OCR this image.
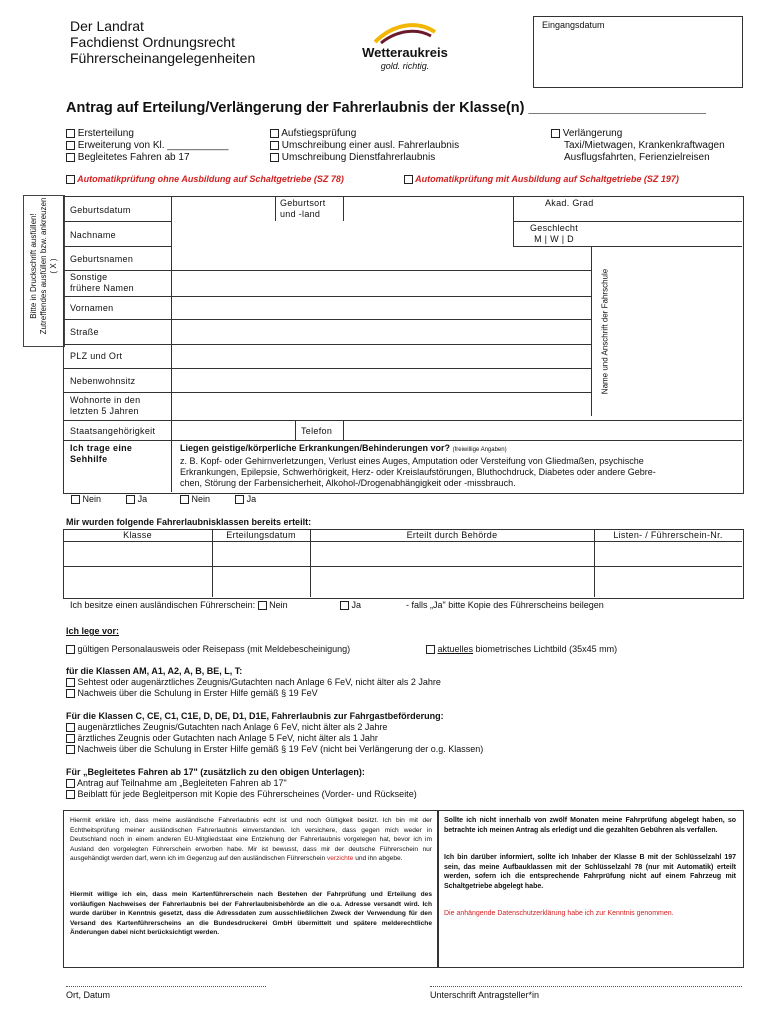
Der Landrat
Fachdienst Ordnungsrecht
Führerscheinangelegenheiten	Wetteraukreis
gold. richtig.
Eingangsdatum
Antrag auf Erteilung/Verlängerung der Fahrerlaubnis der Klasse(n) ______________________
Ersterteilung
Erweiterung von Kl. ___________
Begleitetes Fahren ab 17
Aufstiegsprüfung
Umschreibung einer ausl. Fahrerlaubnis
Umschreibung Dienstfahrerlaubnis
Verlängerung
Taxi/Mietwagen, Krankenkraftwagen
Ausflugsfahrten, Ferienzielreisen
Automatikprüfung ohne Ausbildung auf Schaltgetriebe (SZ 78)	Automatikprüfung mit Ausbildung auf Schaltgetriebe (SZ 197)
Bitte in Druckschrift ausfüllen! Zutreffendes ausfüllen bzw. ankreuzen ( X )
Name und Anschrift der Fahrschule
Geburtsdatum
Geburtsort
und -land
Akad. Grad
Nachname
Geschlecht
M | W | D
Geburtsnamen
Sonstige
frühere Namen
Vornamen
Straße
PLZ und Ort
Nebenwohnsitz
Wohnorte in den
letzten 5 Jahren
Staatsangehörigkeit	Telefon
Ich trage eine
Sehhilfe
Liegen geistige/körperliche Erkrankungen/Behinderungen vor? (freiwillige Angaben)
z. B. Kopf- oder Gehirnverletzungen, Verlust eines Auges, Amputation oder Versteifung von Gliedmaßen, psychische
Erkrankungen, Epilepsie, Schwerhörigkeit, Herz- oder Kreislaufstörungen, Bluthochdruck, Diabetes oder andere Gebre-
chen, Störung der Farbensicherheit, Alkohol-/Drogenabhängigkeit oder -missbrauch.
Nein	Ja	Nein	Ja
Mir wurden folgende Fahrerlaubnisklassen bereits erteilt:
Klasse	Erteilungsdatum	Erteilt durch Behörde	Listen- / Führerschein-Nr.
Ich besitze einen ausländischen Führerschein: Nein	Ja	- falls „Ja" bitte Kopie des Führerscheins beilegen
Ich lege vor:
gültigen Personalausweis oder Reisepass (mit Meldebescheinigung)	aktuelles biometrisches Lichtbild (35x45 mm)
für die Klassen AM, A1, A2, A, B, BE, L, T:
Sehtest oder augenärztliches Zeugnis/Gutachten nach Anlage 6 FeV, nicht älter als 2 Jahre
Nachweis über die Schulung in Erster Hilfe gemäß § 19 FeV
Für die Klassen C, CE, C1, C1E, D, DE, D1, D1E, Fahrerlaubnis zur Fahrgastbeförderung:
augenärztliches Zeugnis/Gutachten nach Anlage 6 FeV, nicht älter als 2 Jahre
ärztliches Zeugnis oder Gutachten nach Anlage 5 FeV, nicht älter als 1 Jahr
Nachweis über die Schulung in Erster Hilfe gemäß § 19 FeV (nicht bei Verlängerung der o.g. Klassen)
Für „Begleitetes Fahren ab 17" (zusätzlich zu den obigen Unterlagen):
Antrag auf Teilnahme am „Begleiteten Fahren ab 17"
Beiblatt für jede Begleitperson mit Kopie des Führerscheines (Vorder- und Rückseite)
Hiermit erkläre ich, dass meine ausländische Fahrerlaubnis echt ist und noch Gültigkeit besitzt. Ich bin mit der Echtheitsprüfung meiner ausländischen Fahrerlaubnis einverstanden. Ich versichere, dass gegen mich weder in Deutschland noch in einem anderen EU-Mitgliedstaat eine Entziehung der Fahrerlaubnis vorgelegen hat, bevor ich im Ausland den vorgelegten Führerschein erworben habe. Mir ist bewusst, dass mir der deutsche Führerschein nur ausgehändigt werden darf, wenn ich im Gegenzug auf den ausländischen Führerschein verzichte und ihn abgebe.
Hiermit willige ich ein, dass mein Kartenführerschein nach Bestehen der Fahrprüfung und Erteilung des vorläufigen Nachweises der Fahrerlaubnis bei der Fahrerlaubnisbehörde an die o.a. Adresse versandt wird. Ich wurde darüber in Kenntnis gesetzt, dass die Adressdaten zum ausschließlichen Zweck der Verwendung für den Versand des Kartenführerscheins an die Bundesdruckerei GmbH übermittelt und spätere melderechtliche Änderungen dabei nicht berücksichtigt werden.
Sollte ich nicht innerhalb von zwölf Monaten meine Fahrprüfung abgelegt haben, so betrachte ich meinen Antrag als erledigt und die gezahlten Gebühren als verfallen.
Ich bin darüber informiert, sollte ich Inhaber der Klasse B mit der Schlüsselzahl 197 sein, das meine Aufbauklassen mit der Schlüsselzahl 78 (nur mit Automatik) erteilt werden, sofern ich die entsprechende Fahrprüfung nicht auf einem Fahrzeug mit Schaltgetriebe abgelegt habe.
Die anhängende Datenschutzerklärung habe ich zur Kenntnis genommen.
Ort, Datum	Unterschrift Antragsteller*in
